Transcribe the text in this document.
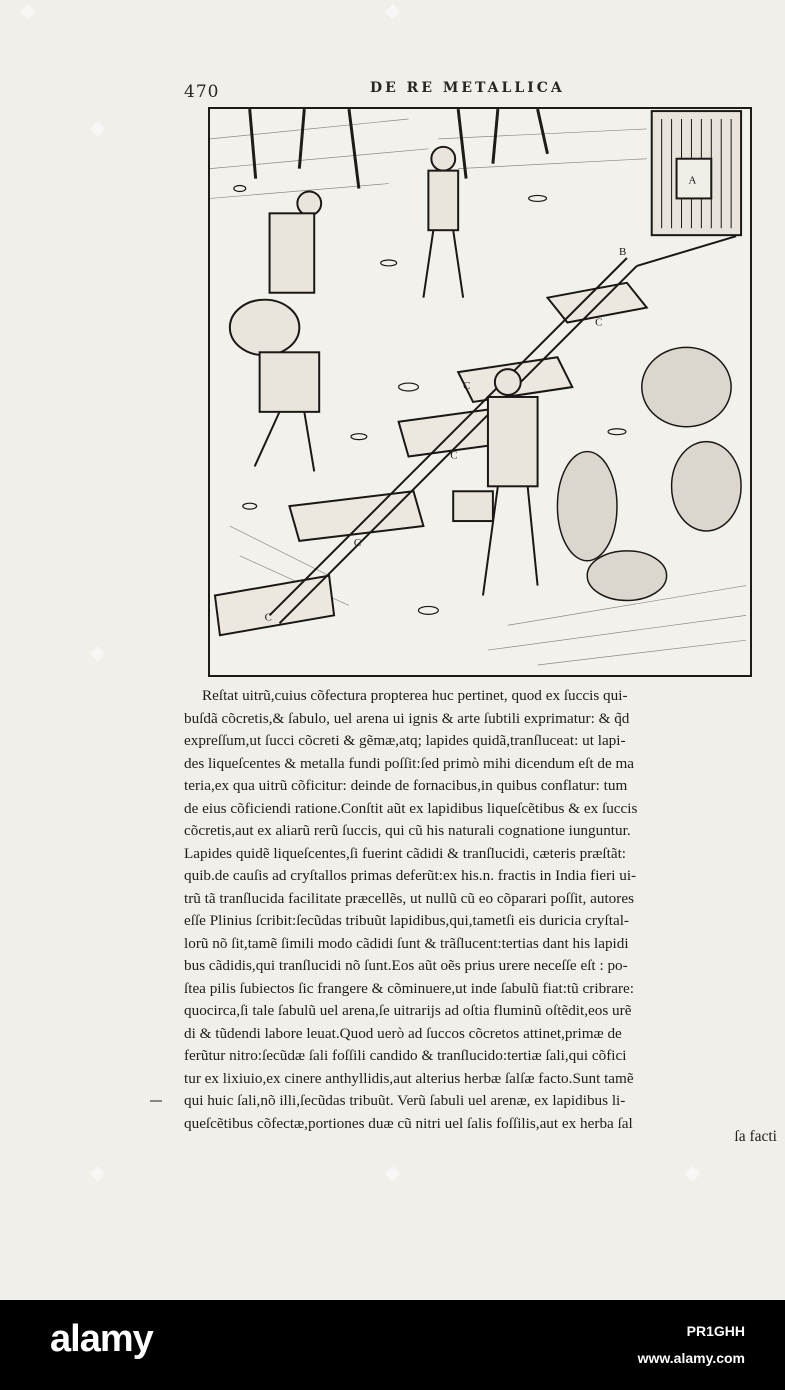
470	DE RE METALLICA
A
B
C
C
C
C
C
Reſtat uitrũ,cuius cõfectura propterea huc pertinet, quod ex ſuccis qui-
buſdã cõcretis,& ſabulo, uel arena ui ignis & arte ſubtili exprimatur: & q̃d
expreſſum,ut ſucci cõcreti & gẽmæ,atq; lapides quidã,tranſluceat: ut lapi-
des liqueſcentes & metalla fundi poſſit:ſed primò mihi dicendum eſt de ma
teria,ex qua uitrũ cõficitur: deinde de fornacibus,in quibus conflatur: tum
de eius cõficiendi ratione.Conſtit aũt ex lapidibus liqueſcẽtibus & ex ſuccis
cõcretis,aut ex aliarũ rerũ ſuccis, qui cũ his naturali cognatione iunguntur.
Lapides quidẽ liqueſcentes,ſi fuerint cãdidi & tranſlucidi, cæteris præſtãt:
quib.de cauſis ad cryſtallos primas deferũt:ex his.n. fractis in India fieri ui-
trũ tã tranſlucida facilitate præcellẽs, ut nullũ cũ eo cõparari poſſit, autores
eſſe Plinius ſcribit:ſecũdas tribuũt lapidibus,qui,tametſi eis duricia cryſtal-
lorũ nõ ſit,tamẽ ſimili modo cãdidi ſunt & trãſlucent:tertias dant his lapidi
bus cãdidis,qui tranſlucidi nõ ſunt.Eos aũt oẽs prius urere neceſſe eſt : po-
ſtea pilis ſubiectos ſic frangere & cõminuere,ut inde ſabulũ fiat:tũ cribrare:
quocirca,ſi tale ſabulũ uel arena,ſe uitrarijs ad oſtia fluminũ oſtẽdit,eos urẽ
di & tũdendi labore leuat.Quod uerò ad ſuccos cõcretos attinet,primæ de
ferũtur nitro:ſecũdæ ſali foſſili candido & tranſlucido:tertiæ ſali,qui cõfici
tur ex lixiuio,ex cinere anthyllidis,aut alterius herbæ ſalſæ facto.Sunt tamẽ
qui huic ſali,nõ illi,ſecũdas tribuũt. Verũ ſabuli uel arenæ, ex lapidibus li-
queſcẽtibus cõfectæ,portiones duæ cũ nitri uel ſalis foſſilis,aut ex herba ſal
ſa facti
◆	◆
◆
◆
◆	◆	◆
alamy	PR1GHH
www.alamy.com
